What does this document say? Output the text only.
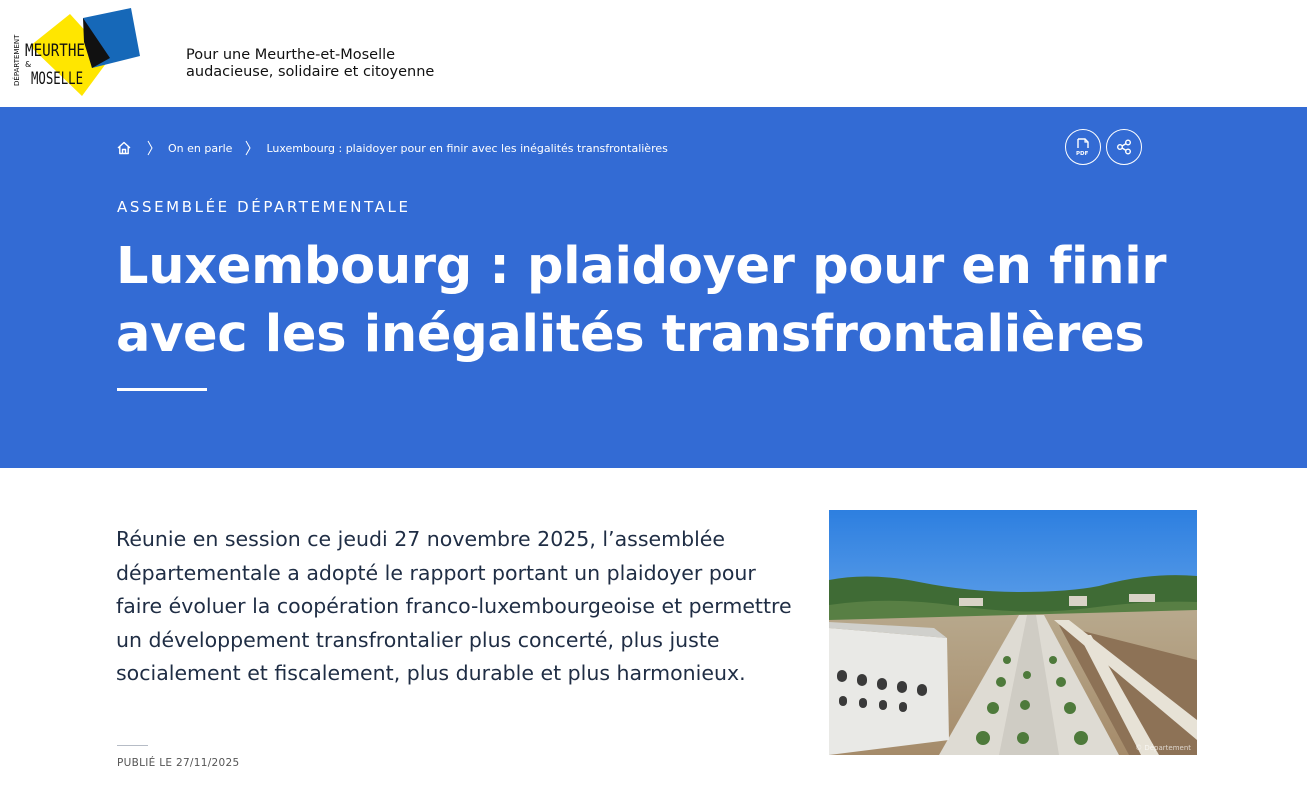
DÉPARTEMENT MEURTHE
&
MOSELLE
Pour une Meurthe-et-Moselle
audacieuse, solidaire et citoyenne
On en parle	Luxembourg : plaidoyer pour en finir avec les inégalités transfrontalières	PDF
ASSEMBLÉE DÉPARTEMENTALE
Luxembourg : plaidoyer pour en finir
avec les inégalités transfrontalières

Réunie en session ce jeudi 27 novembre 2025, l’assemblée départementale a adopté le rapport portant un plaidoyer pour faire évoluer la coopération franco-luxembourgeoise et permettre un développement transfrontalier plus concerté, plus juste socialement et fiscalement, plus durable et plus harmonieux.

PUBLIÉ LE 27/11/2025
© Département
